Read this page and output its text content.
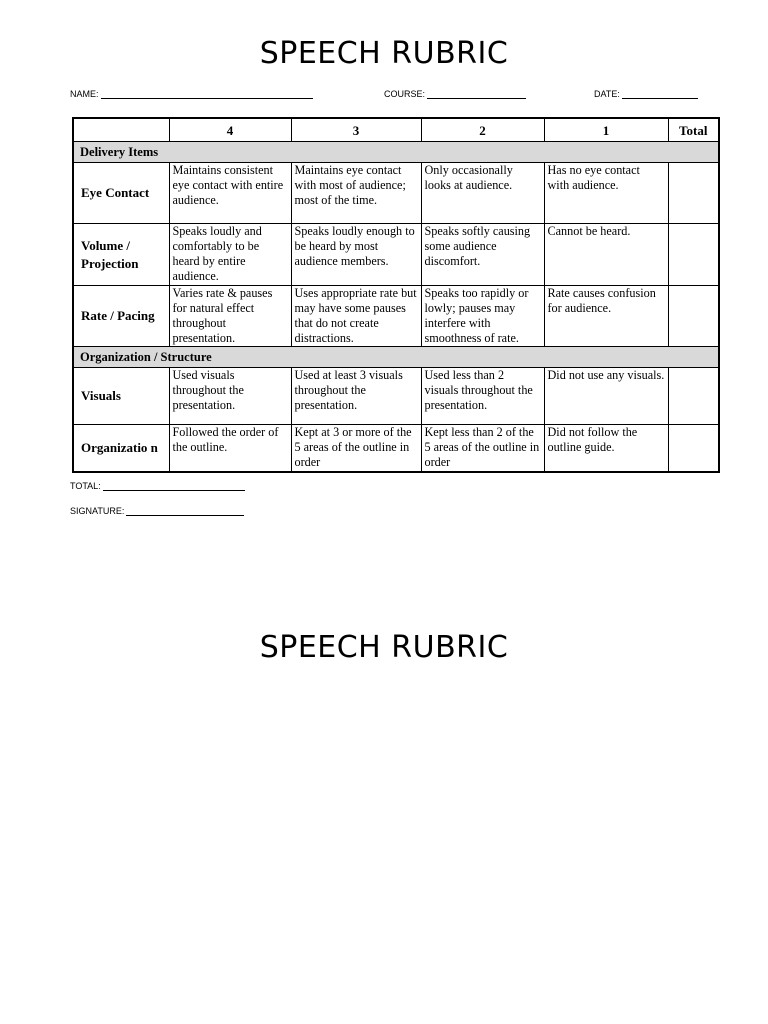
SPEECH RUBRIC
NAME:	COURSE:	DATE:
	4	3	2	1	Total
Delivery Items					
Eye Contact	Maintains consistent eye contact with entire audience.	Maintains eye contact with most of audience; most of the time.	Only occasionally looks at audience.	Has no eye contact with audience.	
Volume / Projection	Speaks loudly and comfortably to be heard by entire audience.	Speaks loudly enough to be heard by most audience members.	Speaks softly causing some audience discomfort.	Cannot be heard.	
Rate / Pacing	Varies rate & pauses for natural effect throughout presentation.	Uses appropriate rate but may have some pauses that do not create distractions.	Speaks too rapidly or lowly; pauses may interfere with smoothness of rate.	Rate causes confusion for audience.	
Organization / Structure					
Visuals	Used visuals throughout the presentation.	Used at least 3 visuals throughout the presentation.	Used less than 2 visuals throughout the presentation.	Did not use any visuals.	
Organizatio n	Followed the order of the outline.	Kept at 3 or more of the 5 areas of the outline in order	Kept less than 2 of the 5 areas of the outline in order	Did not follow the outline guide.	
TOTAL:
SIGNATURE:
SPEECH RUBRIC
